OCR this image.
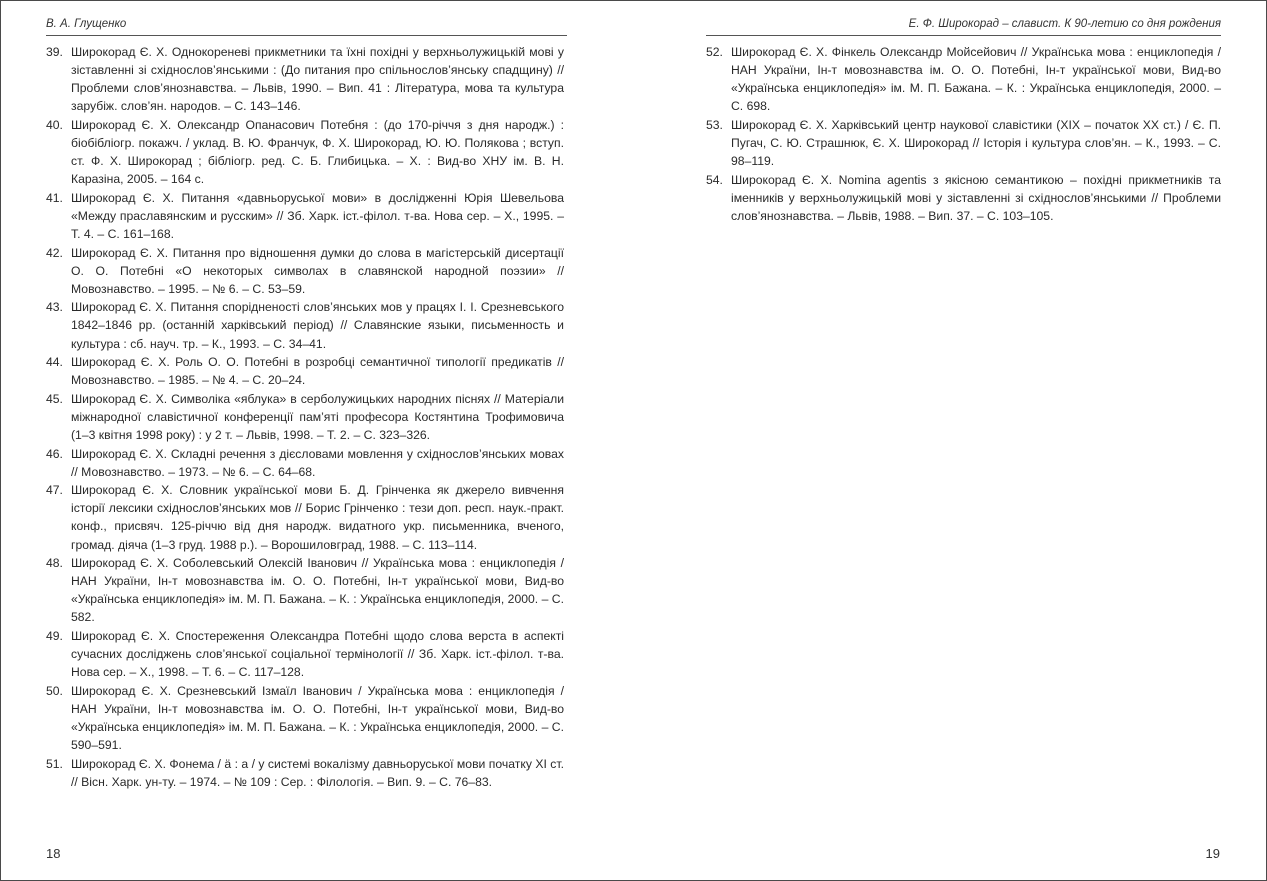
В. А. Глущенко
39. Широкорад Є. Х. Однокореневі прикметники та їхні похідні у верхньолужицькій мові у зіставленні зі східнослов’янськими : (До питания про спільнослов’янську спадщину) // Проблеми слов’янознавства. – Львів, 1990. – Вип. 41 : Література, мова та культура зарубіж. слов’ян. народов. – С. 143–146.
40. Широкорад Є. Х. Олександр Опанасович Потебня : (до 170-річчя з дня народж.) : біобібліогр. покажч. / уклад. В. Ю. Франчук, Ф. Х. Широкорад, Ю. Ю. Полякова ; вступ. ст. Ф. Х. Широкорад ; бібліогр. ред. С. Б. Глибицька. – Х. : Вид-во ХНУ ім. В. Н. Каразіна, 2005. – 164 с.
41. Широкорад Є. Х. Питання «давньоруської мови» в дослідженні Юрія Шевельова «Между праславянским и русским» // Зб. Харк. іст.-філол. т-ва. Нова сер. – Х., 1995. – Т. 4. – С. 161–168.
42. Широкорад Є. Х. Питання про відношення думки до слова в магістерській дисертації О. О. Потебні «О некоторых символах в славянской народной поэзии» // Мовознавство. – 1995. – № 6. – С. 53–59.
43. Широкорад Є. Х. Питання спорідненості слов’янських мов у працях І. І. Срезневського 1842–1846 рр. (останній харківський період) // Славянские языки, письменность и культура : сб. науч. тр. – К., 1993. – С. 34–41.
44. Широкорад Є. Х. Роль О. О. Потебні в розробці семантичної типології предикатів // Мовознавство. – 1985. – № 4. – С. 20–24.
45. Широкорад Є. Х. Символіка «яблука» в серболужицьких народних піснях // Матеріали міжнародної славістичної конференції пам’яті професора Костянтина Трофимовича (1–3 квітня 1998 року) : у 2 т. – Львів, 1998. – Т. 2. – С. 323–326.
46. Широкорад Є. Х. Складні речення з дієсловами мовлення у східнослов’янських мовах // Мовознавство. – 1973. – № 6. – С. 64–68.
47. Широкорад Є. Х. Словник української мови Б. Д. Грінченка як джерело вивчення історії лексики східнослов’янських мов // Борис Грінченко : тези доп. респ. наук.-практ. конф., присвяч. 125-річчю від дня народж. видатного укр. письменника, вченого, громад. діяча (1–3 груд. 1988 р.). – Ворошиловград, 1988. – С. 113–114.
48. Широкорад Є. Х. Соболевський Олексій Іванович // Українська мова : енциклопедія / НАН України, Ін-т мовознавства ім. О. О. Потебні, Ін-т української мови, Вид-во «Українська енциклопедія» ім. М. П. Бажана. – К. : Українська енциклопедія, 2000. – С. 582.
49. Широкорад Є. Х. Спостереження Олександра Потебні щодо слова верста в аспекті сучасних досліджень слов’янської соціальної термінології // Зб. Харк. іст.-філол. т-ва. Нова сер. – Х., 1998. – Т. 6. – С. 117–128.
50. Широкорад Є. Х. Срезневський Ізмаїл Іванович / Українська мова : енциклопедія / НАН України, Ін-т мовознавства ім. О. О. Потебні, Ін-т української мови, Вид-во «Українська енциклопедія» ім. М. П. Бажана. – К. : Українська енциклопедія, 2000. – С. 590–591.
51. Широкорад Є. Х. Фонема / ä : a / у системі вокалізму давньоруської мови початку XI ст. // Вісн. Харк. ун-ту. – 1974. – № 109 : Сер. : Філологія. – Вип. 9. – С. 76–83.
18
Е. Ф. Широкорад – славист. К 90-летию со дня рождения
52. Широкорад Є. Х. Фінкель Олександр Мойсейович // Українська мова : енциклопедія / НАН України, Ін-т мовознавства ім. О. О. Потебні, Ін-т української мови, Вид-во «Українська енциклопедія» ім. М. П. Бажана. – К. : Українська енциклопедія, 2000. – С. 698.
53. Широкорад Є. Х. Харківський центр наукової славістики (XIX – початок XX ст.) / Є. П. Пугач, С. Ю. Страшнюк, Є. Х. Широкорад // Історія і культура слов’ян. – К., 1993. – С. 98–119.
54. Широкорад Є. Х. Nomina agentis з якісною семантикою – похідні прикметників та іменників у верхньолужицькій мові у зіставленні зі східнослов’янськими // Проблеми слов’янознавства. – Львів, 1988. – Вип. 37. – С. 103–105.
19
